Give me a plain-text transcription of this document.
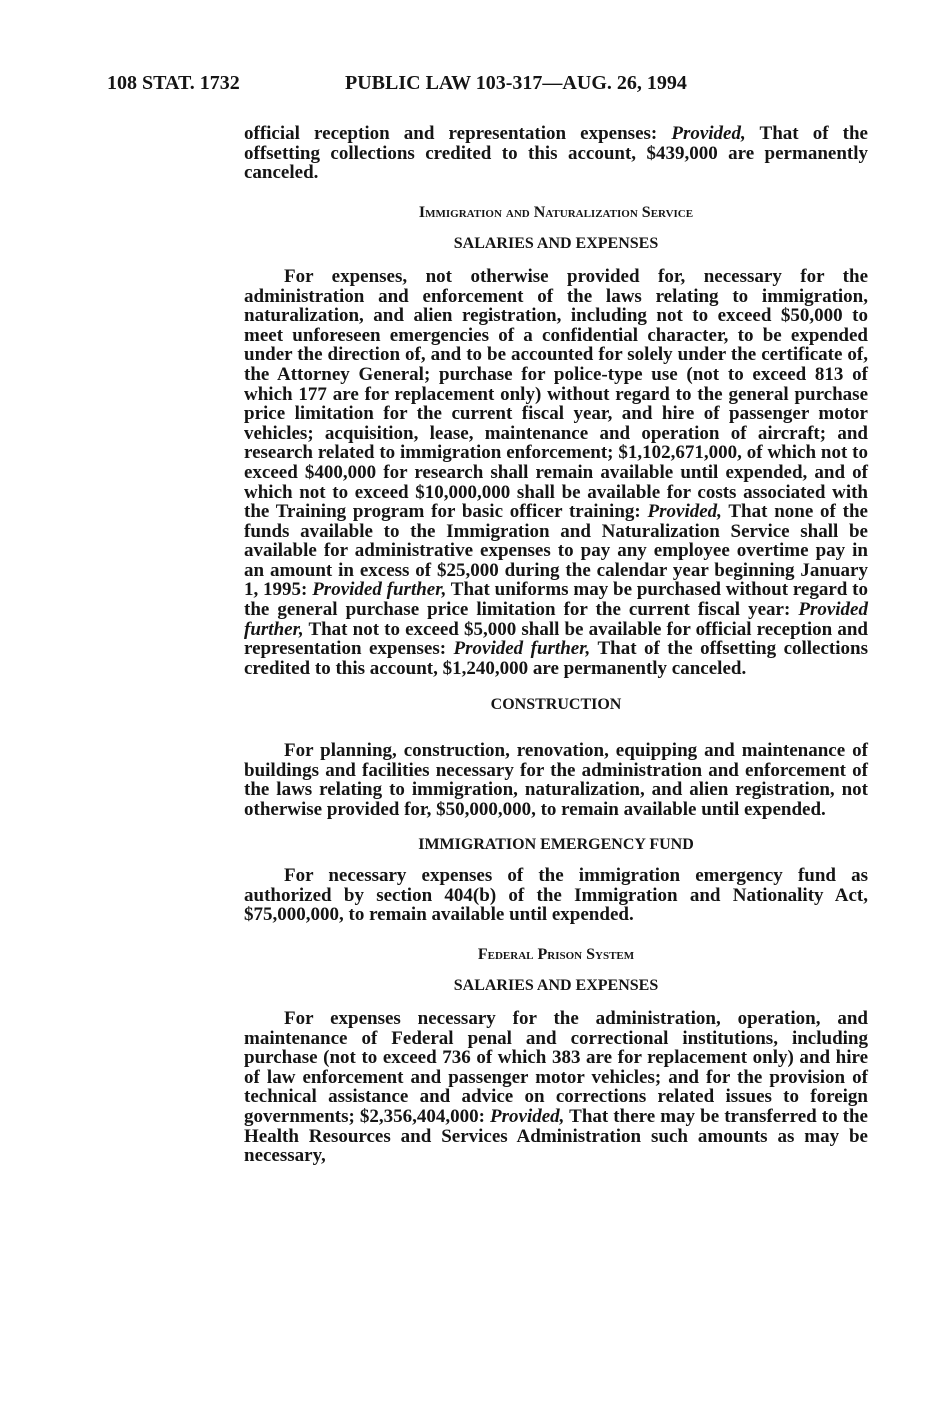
108 STAT. 1732	PUBLIC LAW 103-317—AUG. 26, 1994

official reception and representation expenses: Provided, That of the offsetting collections credited to this account, $439,000 are permanently canceled.

Immigration and Naturalization Service

SALARIES AND EXPENSES

For expenses, not otherwise provided for, necessary for the administration and enforcement of the laws relating to immigration, naturalization, and alien registration, including not to exceed $50,000 to meet unforeseen emergencies of a confidential character, to be expended under the direction of, and to be accounted for solely under the certificate of, the Attorney General; purchase for police-type use (not to exceed 813 of which 177 are for replacement only) without regard to the general purchase price limitation for the current fiscal year, and hire of passenger motor vehicles; acquisition, lease, maintenance and operation of aircraft; and research related to immigration enforcement; $1,102,671,000, of which not to exceed $400,000 for research shall remain available until expended, and of which not to exceed $10,000,000 shall be available for costs associated with the Training program for basic officer training: Provided, That none of the funds available to the Immigration and Naturalization Service shall be available for administrative expenses to pay any employee overtime pay in an amount in excess of $25,000 during the calendar year beginning January 1, 1995: Provided further, That uniforms may be purchased without regard to the general purchase price limitation for the current fiscal year: Provided further, That not to exceed $5,000 shall be available for official reception and representation expenses: Provided further, That of the offsetting collections credited to this account, $1,240,000 are permanently canceled.

CONSTRUCTION

For planning, construction, renovation, equipping and maintenance of buildings and facilities necessary for the administration and enforcement of the laws relating to immigration, naturalization, and alien registration, not otherwise provided for, $50,000,000, to remain available until expended.

IMMIGRATION EMERGENCY FUND

For necessary expenses of the immigration emergency fund as authorized by section 404(b) of the Immigration and Nationality Act, $75,000,000, to remain available until expended.

Federal Prison System

SALARIES AND EXPENSES

For expenses necessary for the administration, operation, and maintenance of Federal penal and correctional institutions, including purchase (not to exceed 736 of which 383 are for replacement only) and hire of law enforcement and passenger motor vehicles; and for the provision of technical assistance and advice on corrections related issues to foreign governments; $2,356,404,000: Provided, That there may be transferred to the Health Resources and Services Administration such amounts as may be necessary,
